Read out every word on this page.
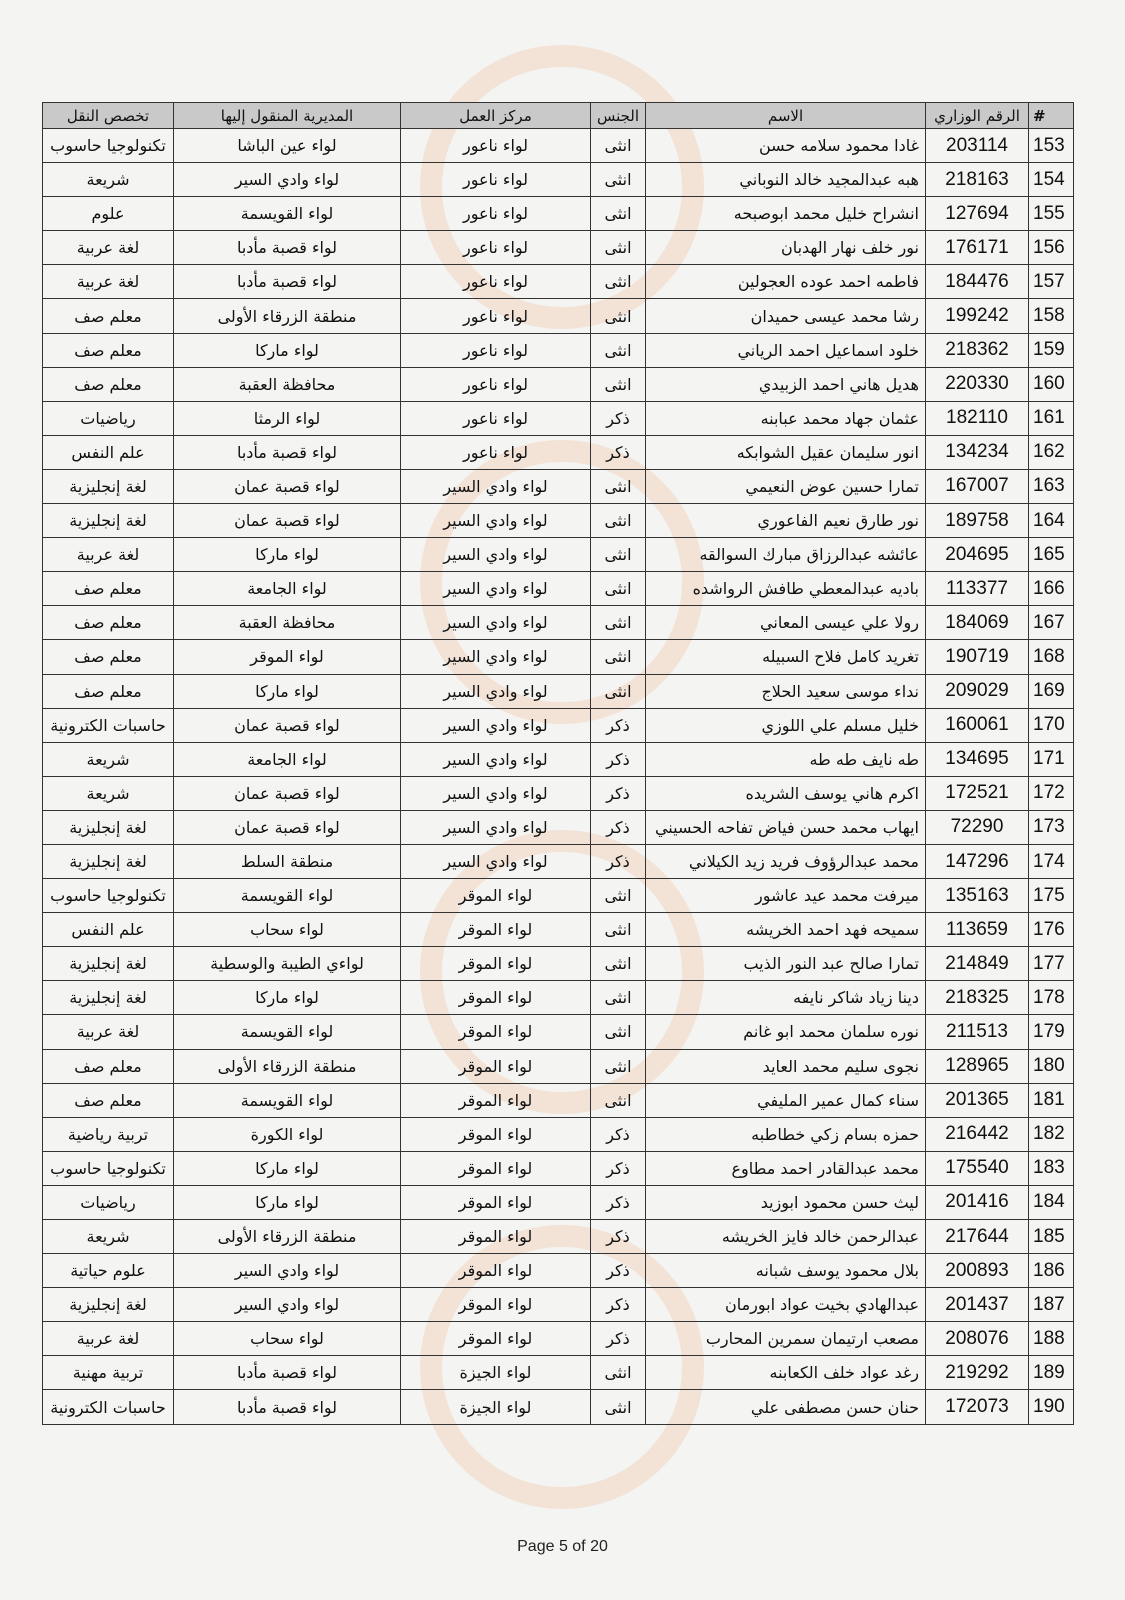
#	الرقم الوزاري	الاسم	الجنس	مركز العمل	المديرية المنقول إليها	تخصص النقل
153	203114	غادا محمود سلامه حسن	انثى	لواء ناعور	لواء عين الباشا	تكنولوجيا حاسوب
154	218163	هبه عبدالمجيد خالد النوباني	انثى	لواء ناعور	لواء وادي السير	شريعة
155	127694	انشراح خليل محمد ابوصبحه	انثى	لواء ناعور	لواء القويسمة	علوم
156	176171	نور خلف نهار الهدبان	انثى	لواء ناعور	لواء قصبة مأدبا	لغة عربية
157	184476	فاطمه احمد عوده العجولين	انثى	لواء ناعور	لواء قصبة مأدبا	لغة عربية
158	199242	رشا محمد عيسى حميدان	انثى	لواء ناعور	منطقة الزرقاء الأولى	معلم صف
159	218362	خلود اسماعيل احمد الرياني	انثى	لواء ناعور	لواء ماركا	معلم صف
160	220330	هديل هاني احمد الزبيدي	انثى	لواء ناعور	محافظة العقبة	معلم صف
161	182110	عثمان جهاد محمد عبابنه	ذكر	لواء ناعور	لواء الرمثا	رياضيات
162	134234	انور سليمان عقيل الشوابكه	ذكر	لواء ناعور	لواء قصبة مأدبا	علم النفس
163	167007	تمارا حسين عوض النعيمي	انثى	لواء وادي السير	لواء قصبة عمان	لغة إنجليزية
164	189758	نور طارق نعيم الفاعوري	انثى	لواء وادي السير	لواء قصبة عمان	لغة إنجليزية
165	204695	عائشه عبدالرزاق مبارك السوالقه	انثى	لواء وادي السير	لواء ماركا	لغة عربية
166	113377	باديه عبدالمعطي طافش الرواشده	انثى	لواء وادي السير	لواء الجامعة	معلم صف
167	184069	رولا علي عيسى المعاني	انثى	لواء وادي السير	محافظة العقبة	معلم صف
168	190719	تغريد كامل فلاح السبيله	انثى	لواء وادي السير	لواء الموقر	معلم صف
169	209029	نداء موسى سعيد الحلاج	انثى	لواء وادي السير	لواء ماركا	معلم صف
170	160061	خليل مسلم علي اللوزي	ذكر	لواء وادي السير	لواء قصبة عمان	حاسبات الكترونية
171	134695	طه نايف طه طه	ذكر	لواء وادي السير	لواء الجامعة	شريعة
172	172521	اكرم هاني يوسف الشريده	ذكر	لواء وادي السير	لواء قصبة عمان	شريعة
173	72290	ايهاب محمد حسن فياض تفاحه الحسيني	ذكر	لواء وادي السير	لواء قصبة عمان	لغة إنجليزية
174	147296	محمد عبدالرؤوف فريد زيد الكيلاني	ذكر	لواء وادي السير	منطقة السلط	لغة إنجليزية
175	135163	ميرفت محمد عيد عاشور	انثى	لواء الموقر	لواء القويسمة	تكنولوجيا حاسوب
176	113659	سميحه فهد احمد الخريشه	انثى	لواء الموقر	لواء سحاب	علم النفس
177	214849	تمارا صالح عبد النور الذيب	انثى	لواء الموقر	لواءي الطيبة والوسطية	لغة إنجليزية
178	218325	دينا زياد شاكر نايفه	انثى	لواء الموقر	لواء ماركا	لغة إنجليزية
179	211513	نوره سلمان محمد ابو غانم	انثى	لواء الموقر	لواء القويسمة	لغة عربية
180	128965	نجوى سليم محمد العايد	انثى	لواء الموقر	منطقة الزرقاء الأولى	معلم صف
181	201365	سناء كمال عمير المليفي	انثى	لواء الموقر	لواء القويسمة	معلم صف
182	216442	حمزه بسام زكي خطاطبه	ذكر	لواء الموقر	لواء الكورة	تربية رياضية
183	175540	محمد عبدالقادر احمد مطاوع	ذكر	لواء الموقر	لواء ماركا	تكنولوجيا حاسوب
184	201416	ليث حسن محمود ابوزيد	ذكر	لواء الموقر	لواء ماركا	رياضيات
185	217644	عبدالرحمن خالد فايز الخريشه	ذكر	لواء الموقر	منطقة الزرقاء الأولى	شريعة
186	200893	بلال محمود يوسف شبانه	ذكر	لواء الموقر	لواء وادي السير	علوم حياتية
187	201437	عبدالهادي بخيت عواد ابورمان	ذكر	لواء الموقر	لواء وادي السير	لغة إنجليزية
188	208076	مصعب ارتيمان سمرين المحارب	ذكر	لواء الموقر	لواء سحاب	لغة عربية
189	219292	رغد عواد خلف الكعابنه	انثى	لواء الجيزة	لواء قصبة مأدبا	تربية مهنية
190	172073	حنان حسن مصطفى علي	انثى	لواء الجيزة	لواء قصبة مأدبا	حاسبات الكترونية
Page 5 of 20
